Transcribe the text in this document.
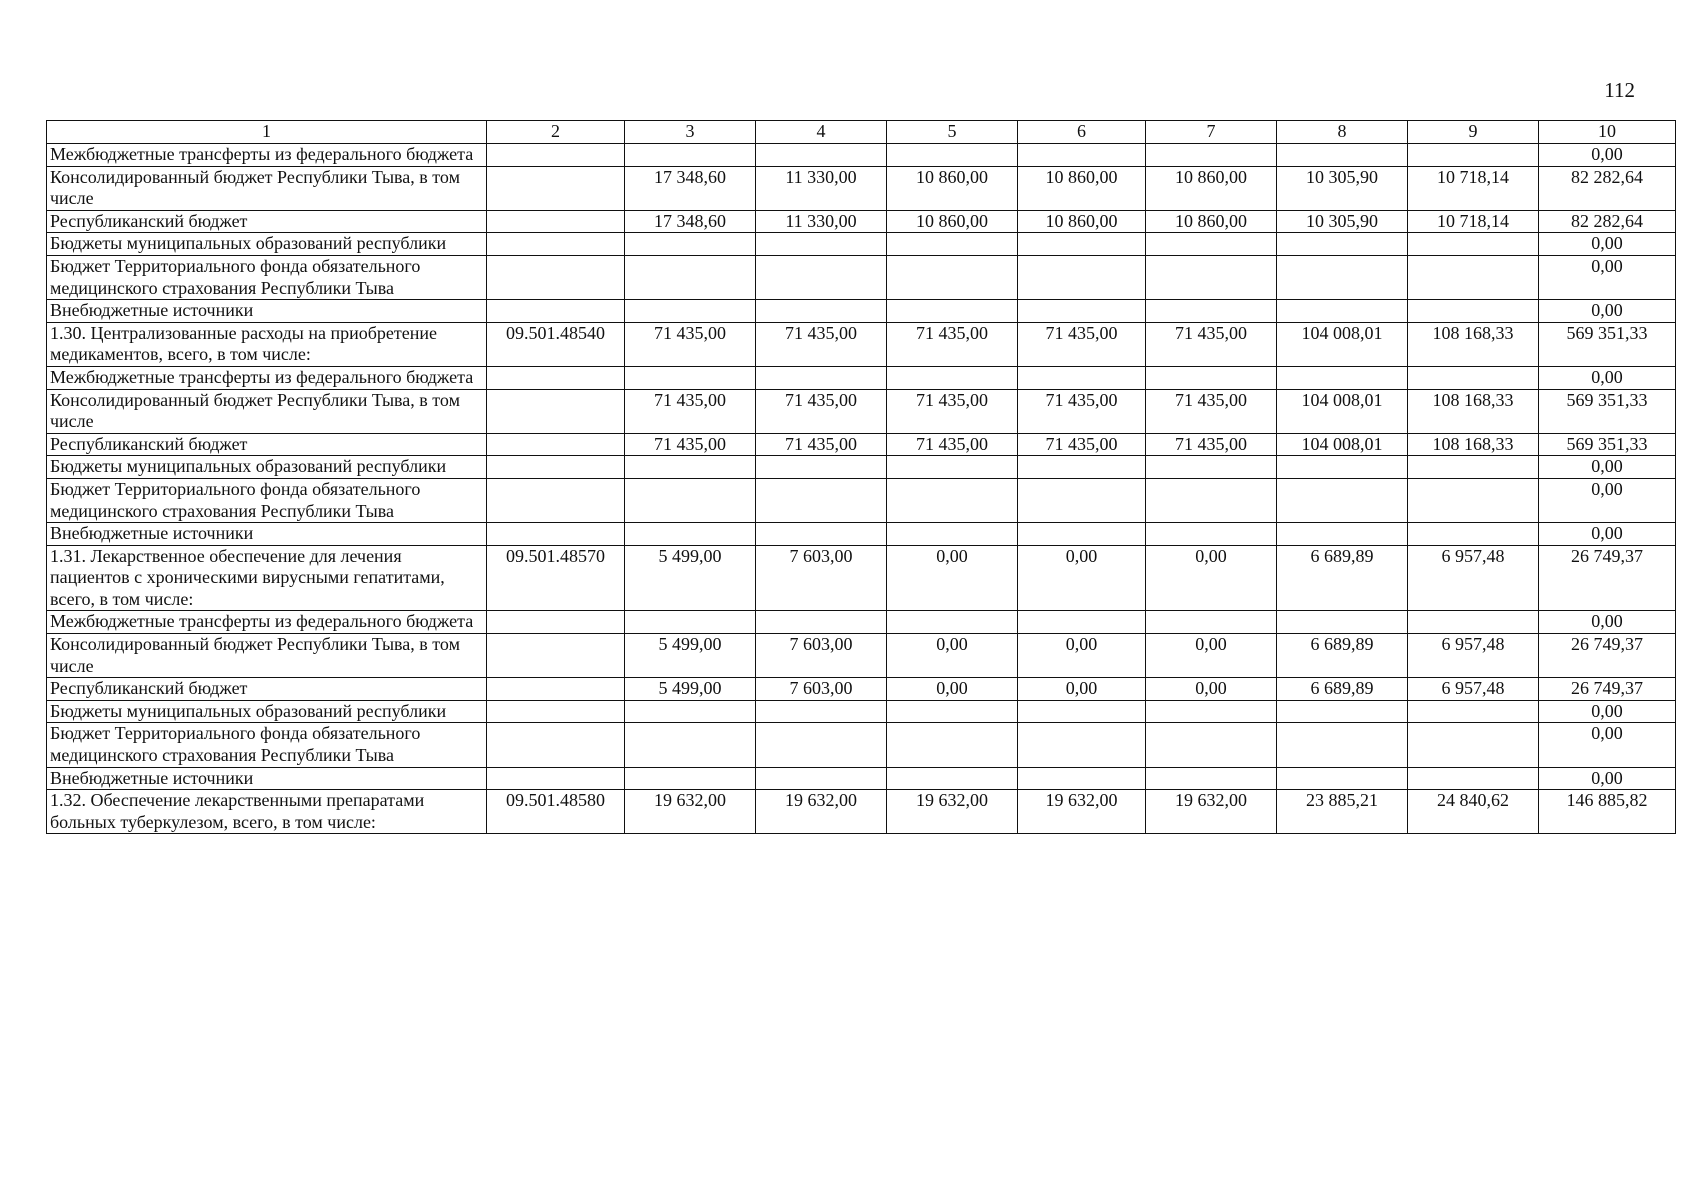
112
1	2	3	4	5	6	7	8	9	10
Межбюджетные трансферты из федерального бюджета									0,00
Консолидированный бюджет Республики Тыва, в том числе		17 348,60	11 330,00	10 860,00	10 860,00	10 860,00	10 305,90	10 718,14	82 282,64
Республиканский бюджет		17 348,60	11 330,00	10 860,00	10 860,00	10 860,00	10 305,90	10 718,14	82 282,64
Бюджеты муниципальных образований республики									0,00
Бюджет Территориального фонда обязательного медицинского страхования Республики Тыва									0,00
Внебюджетные источники									0,00
1.30. Централизованные расходы на приобретение медикаментов, всего, в том числе:	09.501.48540	71 435,00	71 435,00	71 435,00	71 435,00	71 435,00	104 008,01	108 168,33	569 351,33
Межбюджетные трансферты из федерального бюджета									0,00
Консолидированный бюджет Республики Тыва, в том числе		71 435,00	71 435,00	71 435,00	71 435,00	71 435,00	104 008,01	108 168,33	569 351,33
Республиканский бюджет		71 435,00	71 435,00	71 435,00	71 435,00	71 435,00	104 008,01	108 168,33	569 351,33
Бюджеты муниципальных образований республики									0,00
Бюджет Территориального фонда обязательного медицинского страхования Республики Тыва									0,00
Внебюджетные источники									0,00
1.31. Лекарственное обеспечение для лечения пациентов с хроническими вирусными гепатитами, всего, в том числе:	09.501.48570	5 499,00	7 603,00	0,00	0,00	0,00	6 689,89	6 957,48	26 749,37
Межбюджетные трансферты из федерального бюджета									0,00
Консолидированный бюджет Республики Тыва, в том числе		5 499,00	7 603,00	0,00	0,00	0,00	6 689,89	6 957,48	26 749,37
Республиканский бюджет		5 499,00	7 603,00	0,00	0,00	0,00	6 689,89	6 957,48	26 749,37
Бюджеты муниципальных образований республики									0,00
Бюджет Территориального фонда обязательного медицинского страхования Республики Тыва									0,00
Внебюджетные источники									0,00
1.32. Обеспечение лекарственными препаратами больных туберкулезом, всего, в том числе:	09.501.48580	19 632,00	19 632,00	19 632,00	19 632,00	19 632,00	23 885,21	24 840,62	146 885,82
